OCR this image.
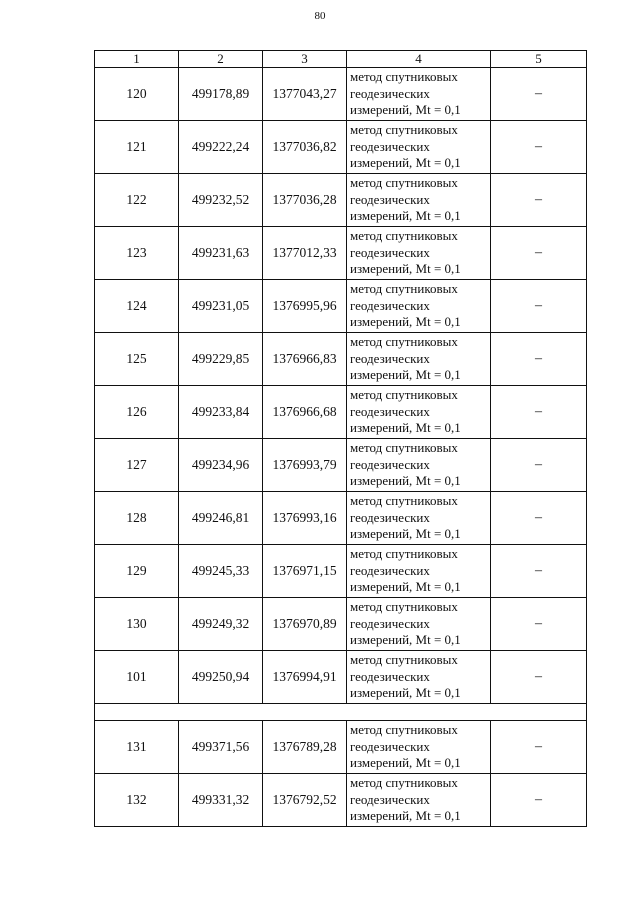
80
1	2	3	4	5
120	499178,89	1377043,27	метод спутниковых
геодезических
измерений, Mt = 0,1	–
121	499222,24	1377036,82	метод спутниковых
геодезических
измерений, Mt = 0,1	–
122	499232,52	1377036,28	метод спутниковых
геодезических
измерений, Mt = 0,1	–
123	499231,63	1377012,33	метод спутниковых
геодезических
измерений, Mt = 0,1	–
124	499231,05	1376995,96	метод спутниковых
геодезических
измерений, Mt = 0,1	–
125	499229,85	1376966,83	метод спутниковых
геодезических
измерений, Mt = 0,1	–
126	499233,84	1376966,68	метод спутниковых
геодезических
измерений, Mt = 0,1	–
127	499234,96	1376993,79	метод спутниковых
геодезических
измерений, Mt = 0,1	–
128	499246,81	1376993,16	метод спутниковых
геодезических
измерений, Mt = 0,1	–
129	499245,33	1376971,15	метод спутниковых
геодезических
измерений, Mt = 0,1	–
130	499249,32	1376970,89	метод спутниковых
геодезических
измерений, Mt = 0,1	–
101	499250,94	1376994,91	метод спутниковых
геодезических
измерений, Mt = 0,1	–

131	499371,56	1376789,28	метод спутниковых
геодезических
измерений, Mt = 0,1	–
132	499331,32	1376792,52	метод спутниковых
геодезических
измерений, Mt = 0,1	–
